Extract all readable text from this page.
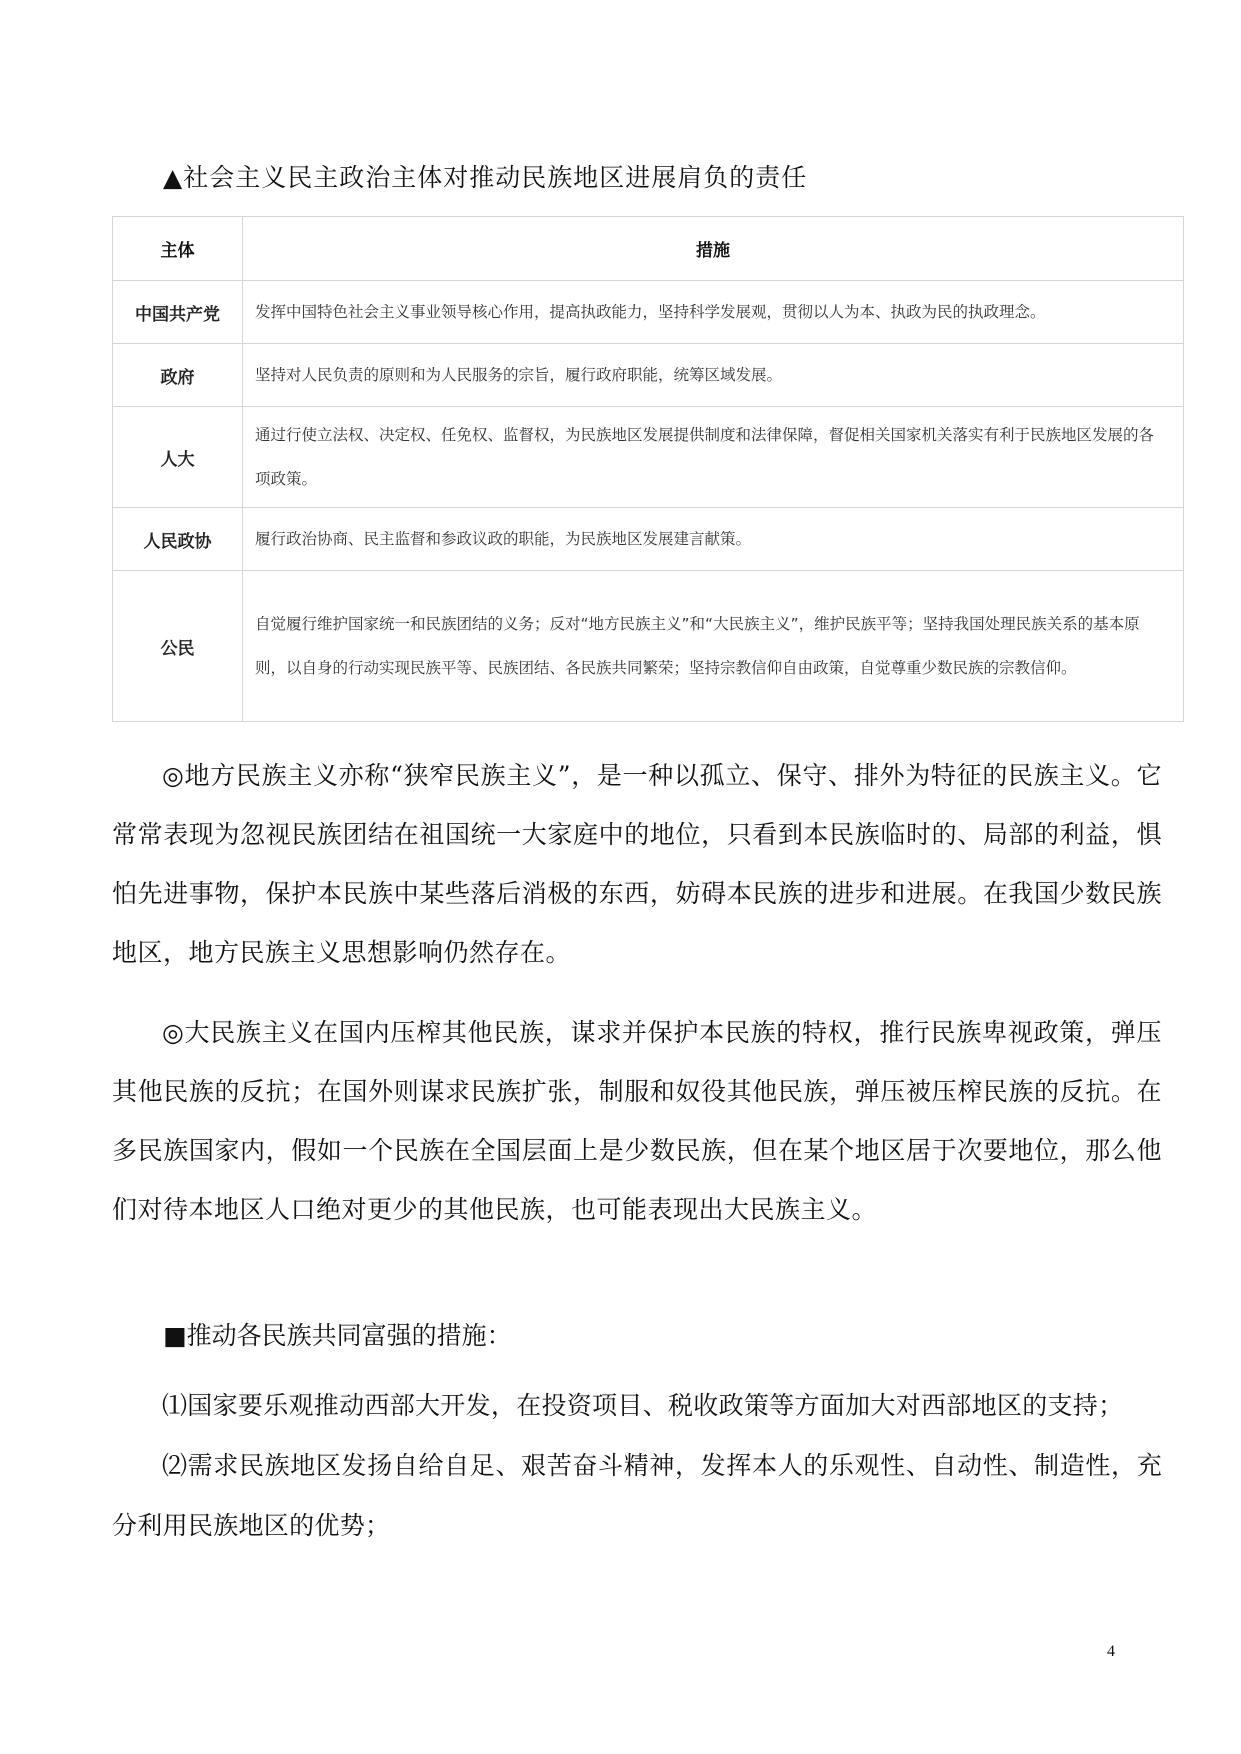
▲社会主义民主政治主体对推动民族地区进展肩负的责任
主体	措施
中国共产党	发挥中国特色社会主义事业领导核心作用，提高执政能力，坚持科学发展观，贯彻以人为本、执政为民的执政理念。
政府	坚持对人民负责的原则和为人民服务的宗旨，履行政府职能，统筹区域发展。
人大	通过行使立法权、决定权、任免权、监督权，为民族地区发展提供制度和法律保障，督促相关国家机关落实有利于民族地区发展的各项政策。
人民政协	履行政治协商、民主监督和参政议政的职能，为民族地区发展建言献策。
公民	自觉履行维护国家统一和民族团结的义务；反对“地方民族主义”和“大民族主义”，维护民族平等；坚持我国处理民族关系的基本原则，以自身的行动实现民族平等、民族团结、各民族共同繁荣；坚持宗教信仰自由政策，自觉尊重少数民族的宗教信仰。
◎地方民族主义亦称“狭窄民族主义”，是一种以孤立、保守、排外为特征的民族主义。它常常表现为忽视民族团结在祖国统一大家庭中的地位，只看到本民族临时的、局部的利益，惧怕先进事物，保护本民族中某些落后消极的东西，妨碍本民族的进步和进展。在我国少数民族地区，地方民族主义思想影响仍然存在。
◎大民族主义在国内压榨其他民族，谋求并保护本民族的特权，推行民族卑视政策，弹压其他民族的反抗；在国外则谋求民族扩张，制服和奴役其他民族，弹压被压榨民族的反抗。在多民族国家内，假如一个民族在全国层面上是少数民族，但在某个地区居于次要地位，那么他们对待本地区人口绝对更少的其他民族，也可能表现出大民族主义。
■推动各民族共同富强的措施：
⑴国家要乐观推动西部大开发，在投资项目、税收政策等方面加大对西部地区的支持；
⑵需求民族地区发扬自给自足、艰苦奋斗精神，发挥本人的乐观性、自动性、制造性，充分利用民族地区的优势；
4
